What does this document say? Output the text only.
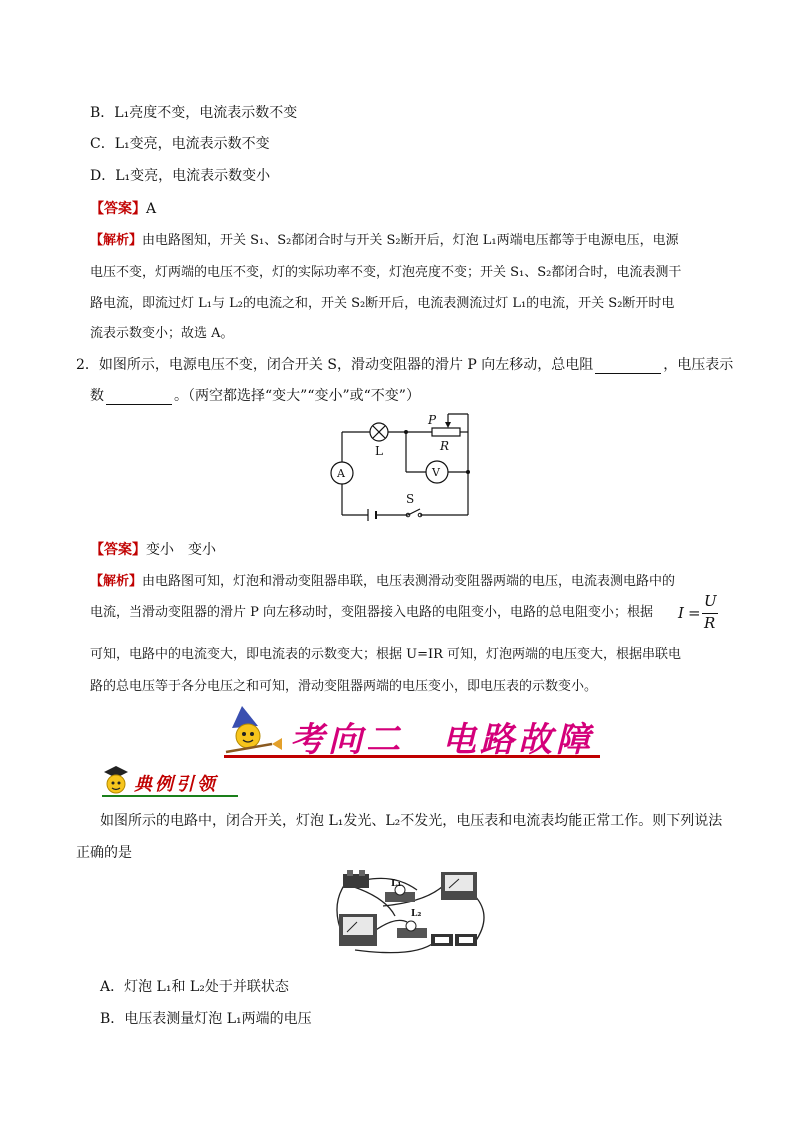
B．L₁亮度不变，电流表示数不变
C．L₁变亮，电流表示数不变
D．L₁变亮，电流表示数变小
【答案】A
【解析】由电路图知，开关 S₁、S₂都闭合时与开关 S₂断开后，灯泡 L₁两端电压都等于电源电压，电源
电压不变，灯两端的电压不变，灯的实际功率不变，灯泡亮度不变；开关 S₁、S₂都闭合时，电流表测干
路电流，即流过灯 L₁与 L₂的电流之和，开关 S₂断开后，电流表测流过灯 L₁的电流，开关 S₂断开时电
流表示数变小；故选 A。
2．如图所示，电源电压不变，闭合开关 S，滑动变阻器的滑片 P 向左移动，总电阻	，电压表示
数	。（两空都选择“变大”“变小”或“不变”）
P
R
L
A	V
S
【答案】变小　变小
【解析】由电路图可知，灯泡和滑动变阻器串联，电压表测滑动变阻器两端的电压，电流表测电路中的
电流，当滑动变阻器的滑片 P 向左移动时，变阻器接入电路的电阻变小，电路的总电阻变小；根据 I =
U
R
可知，电路中的电流变大，即电流表的示数变大；根据 U=IR 可知，灯泡两端的电压变大，根据串联电
路的总电压等于各分电压之和可知，滑动变阻器两端的电压变小，即电压表的示数变小。
考向二　电路故障
典例引领
如图所示的电路中，闭合开关，灯泡 L₁发光、L₂不发光，电压表和电流表均能正常工作。则下列说法
正确的是
L₁
L₂
A．灯泡 L₁和 L₂处于并联状态
B．电压表测量灯泡 L₁两端的电压
